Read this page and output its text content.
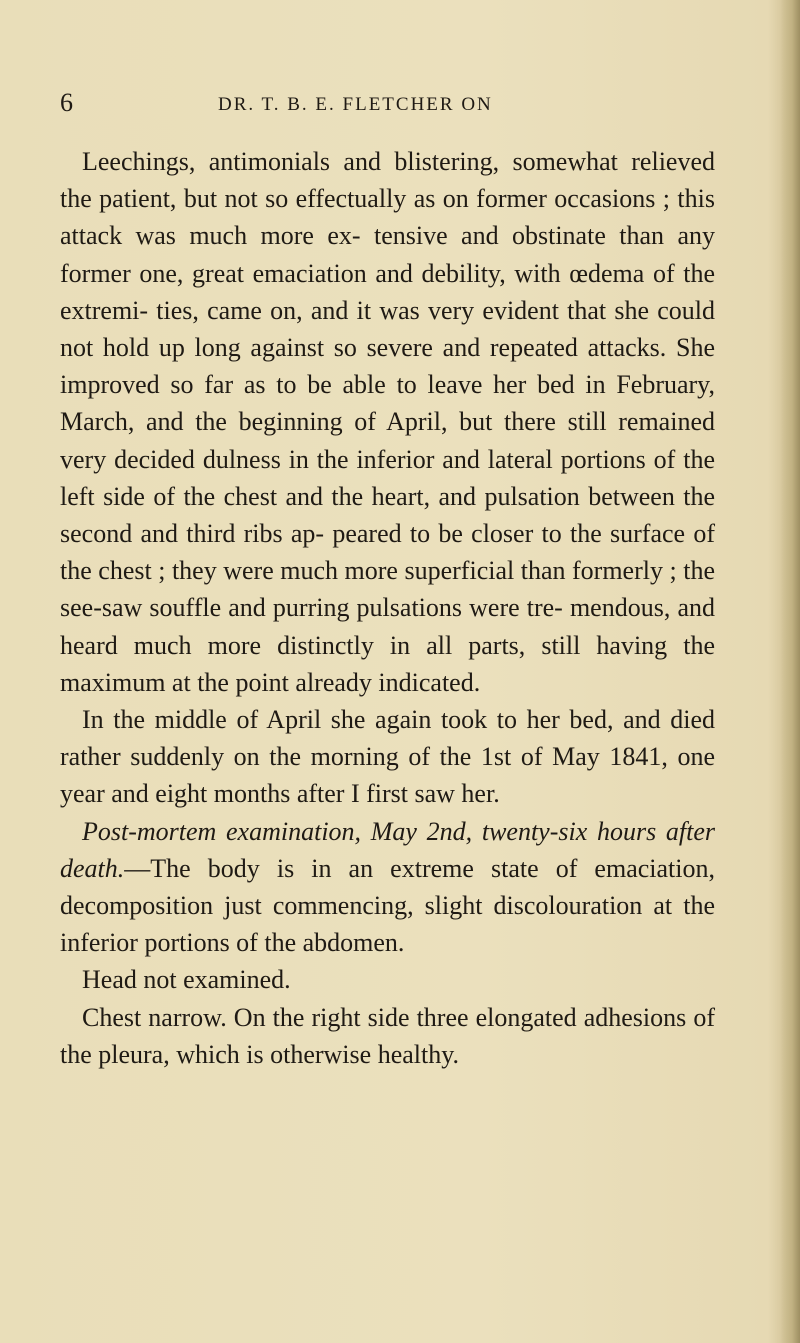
6	DR. T. B. E. FLETCHER ON

Leechings, antimonials and blistering, somewhat relieved the patient, but not so effectually as on former occasions ; this attack was much more ex- tensive and obstinate than any former one, great emaciation and debility, with œdema of the extremi- ties, came on, and it was very evident that she could not hold up long against so severe and repeated attacks. She improved so far as to be able to leave her bed in February, March, and the beginning of April, but there still remained very decided dulness in the inferior and lateral portions of the left side of the chest and the heart, and pulsation between the second and third ribs ap- peared to be closer to the surface of the chest ; they were much more superficial than formerly ; the see-saw souffle and purring pulsations were tre- mendous, and heard much more distinctly in all parts, still having the maximum at the point already indicated.

In the middle of April she again took to her bed, and died rather suddenly on the morning of the 1st of May 1841, one year and eight months after I first saw her.

Post-mortem examination, May 2nd, twenty-six hours after death.—The body is in an extreme state of emaciation, decomposition just commencing, slight discolouration at the inferior portions of the abdomen.

Head not examined.

Chest narrow. On the right side three elongated adhesions of the pleura, which is otherwise healthy.
